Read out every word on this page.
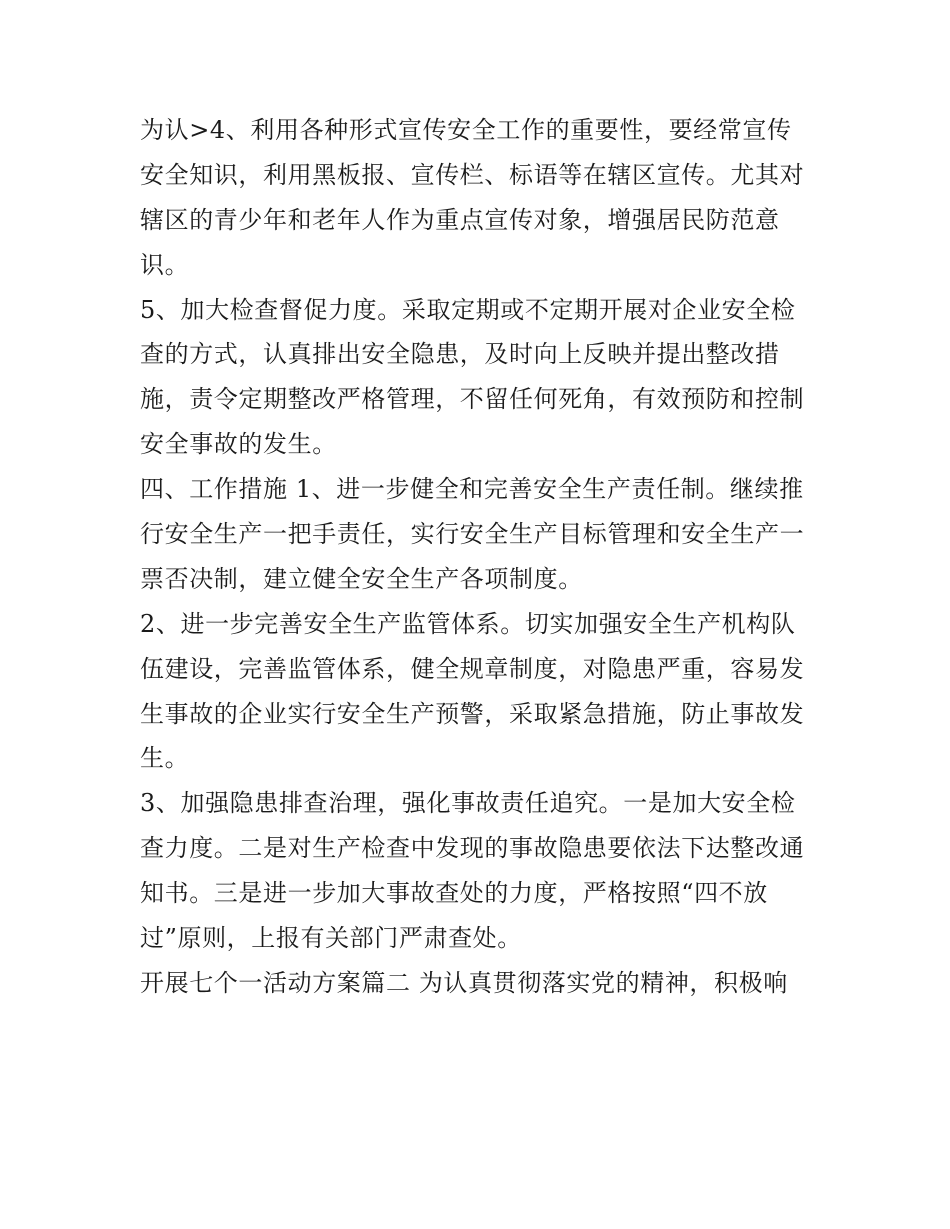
为认>4、利用各种形式宣传安全工作的重要性，要经常宣传
安全知识，利用黑板报、宣传栏、标语等在辖区宣传。尤其对
辖区的青少年和老年人作为重点宣传对象，增强居民防范意
识。
5、加大检查督促力度。采取定期或不定期开展对企业安全检
查的方式，认真排出安全隐患，及时向上反映并提出整改措
施，责令定期整改严格管理，不留任何死角，有效预防和控制
安全事故的发生。
四、工作措施 1、进一步健全和完善安全生产责任制。继续推
行安全生产一把手责任，实行安全生产目标管理和安全生产一
票否决制，建立健全安全生产各项制度。
2、进一步完善安全生产监管体系。切实加强安全生产机构队
伍建设，完善监管体系，健全规章制度，对隐患严重，容易发
生事故的企业实行安全生产预警，采取紧急措施，防止事故发
生。
3、加强隐患排查治理，强化事故责任追究。一是加大安全检
查力度。二是对生产检查中发现的事故隐患要依法下达整改通
知书。三是进一步加大事故查处的力度，严格按照“四不放
过”原则，上报有关部门严肃查处。
开展七个一活动方案篇二 为认真贯彻落实党的精神，积极响
